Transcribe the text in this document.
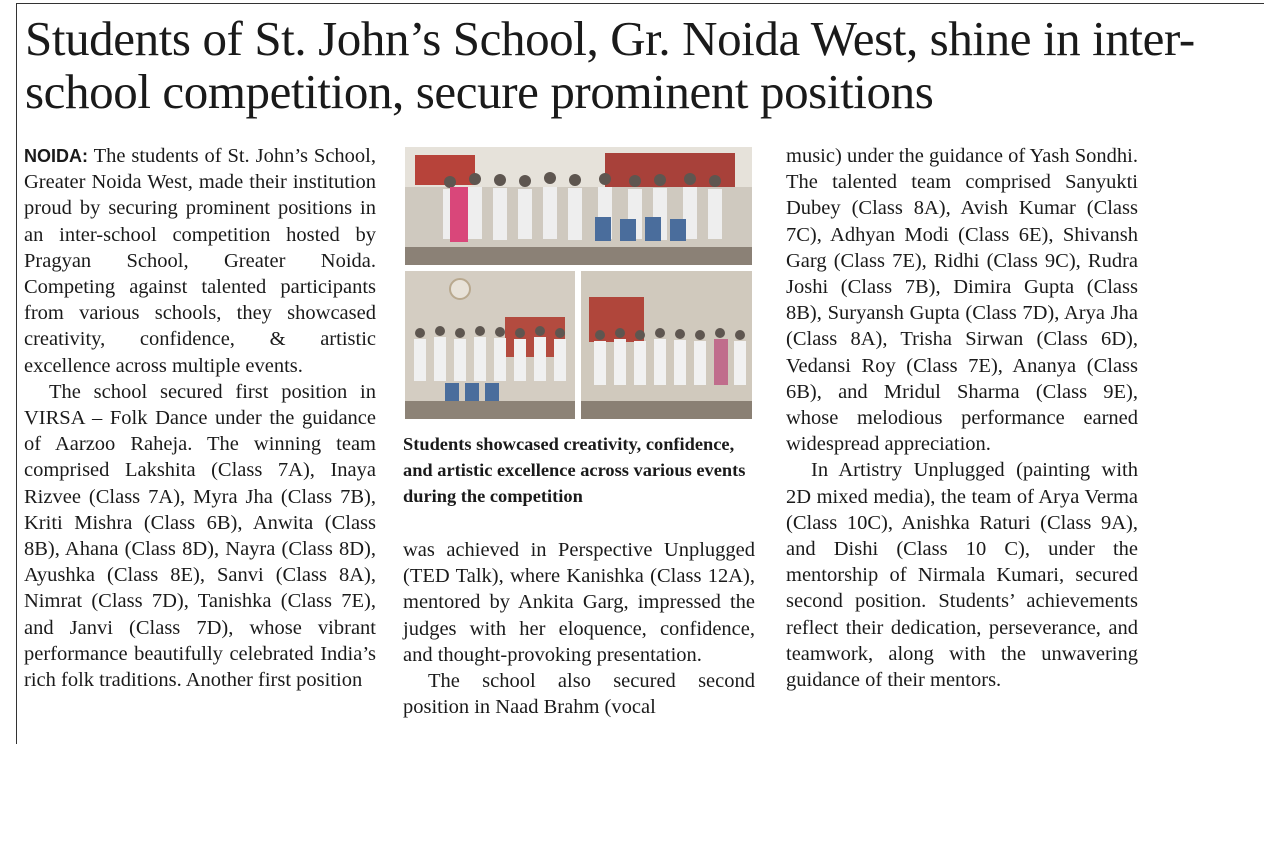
Students of St. John’s School, Gr. Noida West, shine in inter-school competition, secure prominent positions

NOIDA: The students of St. John’s School, Greater Noida West, made their institution proud by securing prominent positions in an inter-school competition hosted by Pragyan School, Greater Noida. Competing against talented participants from various schools, they showcased creativity, confidence, & artistic excellence across multiple events.

The school secured first position in VIRSA – Folk Dance under the guidance of Aarzoo Raheja. The winning team comprised Lakshita (Class 7A), Inaya Rizvee (Class 7A), Myra Jha (Class 7B), Kriti Mishra (Class 6B), Anwita (Class 8B), Ahana (Class 8D), Nayra (Class 8D), Ayushka (Class 8E), Sanvi (Class 8A), Nimrat (Class 7D), Tanishka (Class 7E), and Janvi (Class 7D), whose vibrant performance beautifully celebrated India’s rich folk traditions. Another first position

Students showcased creativity, confidence, and artistic excellence across various events during the competition

was achieved in Perspective Unplugged (TED Talk), where Kanishka (Class 12A), mentored by Ankita Garg, impressed the judges with her eloquence, confidence, and thought-provoking presentation.

The school also secured second position in Naad Brahm (vocal

music) under the guidance of Yash Sondhi. The talented team comprised Sanyukti Dubey (Class 8A), Avish Kumar (Class 7C), Adhyan Modi (Class 6E), Shivansh Garg (Class 7E), Ridhi (Class 9C), Rudra Joshi (Class 7B), Dimira Gupta (Class 8B), Suryansh Gupta (Class 7D), Arya Jha (Class 8A), Trisha Sirwan (Class 6D), Vedansi Roy (Class 7E), Ananya (Class 6B), and Mridul Sharma (Class 9E), whose melodious performance earned widespread appreciation.

In Artistry Unplugged (painting with 2D mixed media), the team of Arya Verma (Class 10C), Anishka Raturi (Class 9A), and Dishi (Class 10 C), under the mentorship of Nirmala Kumari, secured second position. Students’ achievements reflect their dedication, perseverance, and teamwork, along with the unwavering guidance of their mentors.
